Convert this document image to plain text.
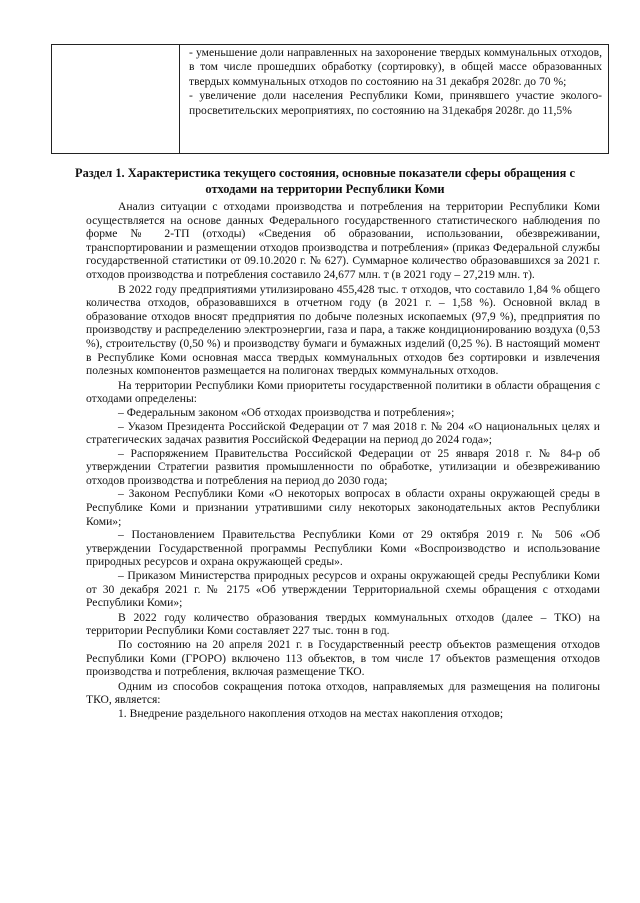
- уменьшение доли направленных на захоронение твердых коммунальных отходов, в том числе прошедших обработку (сортировку), в общей массе образованных твердых коммунальных отходов по состоянию на 31 декабря 2028г. до 70 %;

- увеличение доли населения Республики Коми, принявшего участие эколого-просветительских мероприятиях, по состоянию на 31декабря 2028г. до 11,5%

Раздел 1. Характеристика текущего состояния, основные показатели сферы обращения с отходами на территории Республики Коми

Анализ ситуации с отходами производства и потребления на территории Республики Коми осуществляется на основе данных Федерального государственного статистического наблюдения по форме № 2-ТП (отходы) «Сведения об образовании, использовании, обезвреживании, транспортировании и размещении отходов производства и потребления» (приказ Федеральной службы государственной статистики от 09.10.2020 г. № 627). Суммарное количество образовавшихся за 2021 г. отходов производства и потребления составило 24,677 млн. т (в 2021 году – 27,219 млн. т).

В 2022 году предприятиями утилизировано 455,428 тыс. т отходов, что составило 1,84 % общего количества отходов, образовавшихся в отчетном году (в 2021 г. – 1,58 %). Основной вклад в образование отходов вносят предприятия по добыче полезных ископаемых (97,9 %), предприятия по производству и распределению электроэнергии, газа и пара, а также кондиционированию воздуха (0,53 %), строительству (0,50 %) и производству бумаги и бумажных изделий (0,25 %). В настоящий момент в Республике Коми основная масса твердых коммунальных отходов без сортировки и извлечения полезных компонентов размещается на полигонах твердых коммунальных отходов.

На территории Республики Коми приоритеты государственной политики в области обращения с отходами определены:

– Федеральным законом «Об отходах производства и потребления»;

– Указом Президента Российской Федерации от 7 мая 2018 г. № 204 «О национальных целях и стратегических задачах развития Российской Федерации на период до 2024 года»;

– Распоряжением Правительства Российской Федерации от 25 января 2018 г. № 84-р об утверждении Стратегии развития промышленности по обработке, утилизации и обезвреживанию отходов производства и потребления на период до 2030 года;

– Законом Республики Коми «О некоторых вопросах в области охраны окружающей среды в Республике Коми и признании утратившими силу некоторых законодательных актов Республики Коми»;

– Постановлением Правительства Республики Коми от 29 октября 2019 г. № 506 «Об утверждении Государственной программы Республики Коми «Воспроизводство и использование природных ресурсов и охрана окружающей среды».

– Приказом Министерства природных ресурсов и охраны окружающей среды Республики Коми от 30 декабря 2021 г. № 2175 «Об утверждении Территориальной схемы обращения с отходами Республики Коми»;

В 2022 году количество образования твердых коммунальных отходов (далее – ТКО) на территории Республики Коми составляет 227 тыс. тонн в год.

По состоянию на 20 апреля 2021 г. в Государственный реестр объектов размещения отходов Республики Коми (ГРОРО) включено 113 объектов, в том числе 17 объектов размещения отходов производства и потребления, включая размещение ТКО.

Одним из способов сокращения потока отходов, направляемых для размещения на полигоны ТКО, является:

1. Внедрение раздельного накопления отходов на местах накопления отходов;
